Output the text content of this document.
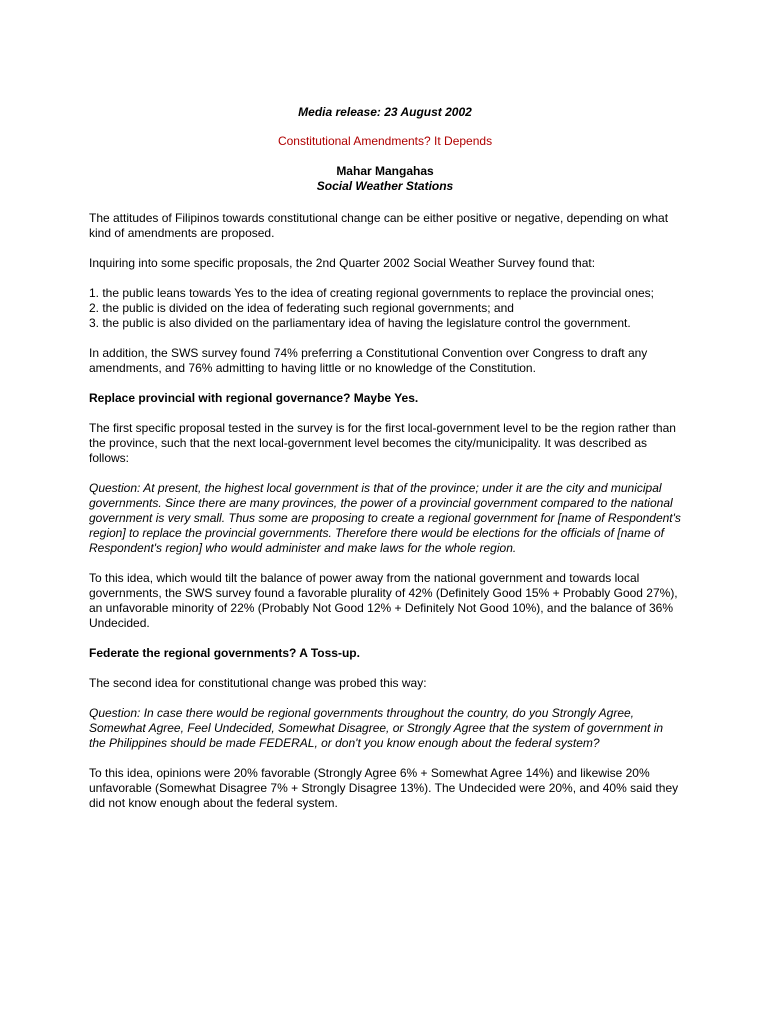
Media release: 23 August 2002
Constitutional Amendments? It Depends
Mahar Mangahas
Social Weather Stations

The attitudes of Filipinos towards constitutional change can be either positive or negative, depending on what kind of amendments are proposed.

Inquiring into some specific proposals, the 2nd Quarter 2002 Social Weather Survey found that:

1. the public leans towards Yes to the idea of creating regional governments to replace the provincial ones;
2. the public is divided on the idea of federating such regional governments; and
3. the public is also divided on the parliamentary idea of having the legislature control the government.

In addition, the SWS survey found 74% preferring a Constitutional Convention over Congress to draft any amendments, and 76% admitting to having little or no knowledge of the Constitution.

Replace provincial with regional governance? Maybe Yes.

The first specific proposal tested in the survey is for the first local-government level to be the region rather than the province, such that the next local-government level becomes the city/municipality. It was described as follows:

Question: At present, the highest local government is that of the province; under it are the city and municipal governments. Since there are many provinces, the power of a provincial government compared to the national government is very small. Thus some are proposing to create a regional government for [name of Respondent's region] to replace the provincial governments. Therefore there would be elections for the officials of [name of Respondent's region] who would administer and make laws for the whole region.

To this idea, which would tilt the balance of power away from the national government and towards local governments, the SWS survey found a favorable plurality of 42% (Definitely Good 15% + Probably Good 27%), an unfavorable minority of 22% (Probably Not Good 12% + Definitely Not Good 10%), and the balance of 36% Undecided.

Federate the regional governments? A Toss-up.

The second idea for constitutional change was probed this way:

Question: In case there would be regional governments throughout the country, do you Strongly Agree, Somewhat Agree, Feel Undecided, Somewhat Disagree, or Strongly Agree that the system of government in the Philippines should be made FEDERAL, or don't you know enough about the federal system?

To this idea, opinions were 20% favorable (Strongly Agree 6% + Somewhat Agree 14%) and likewise 20% unfavorable (Somewhat Disagree 7% + Strongly Disagree 13%). The Undecided were 20%, and 40% said they did not know enough about the federal system.
